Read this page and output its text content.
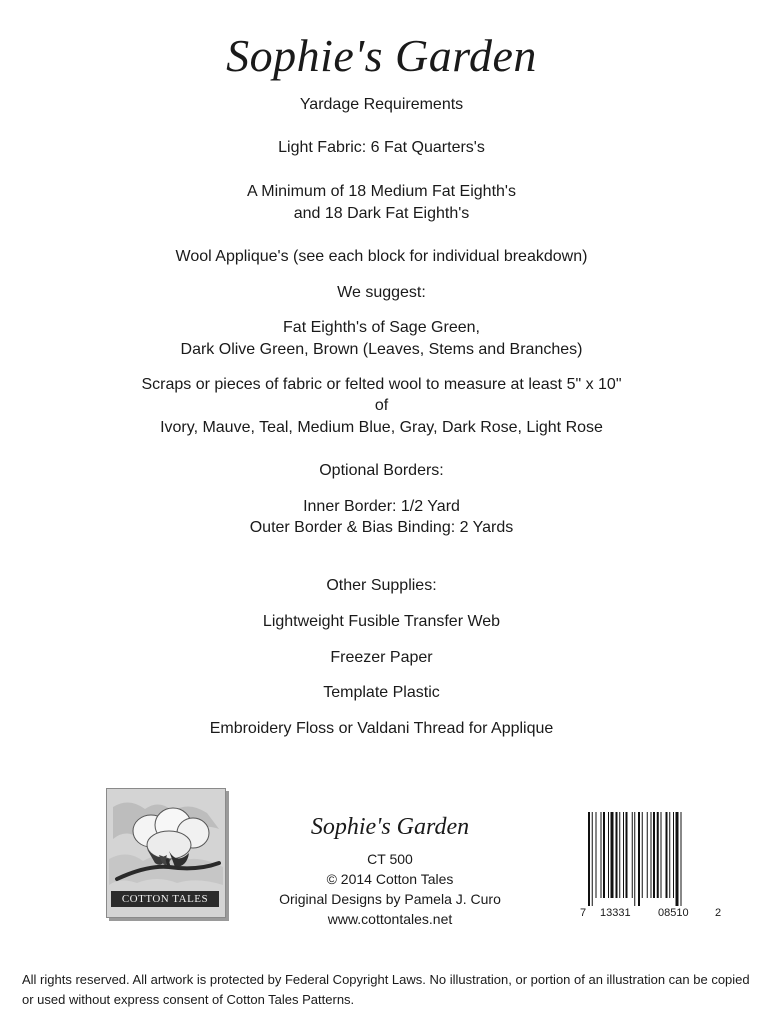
Sophie's Garden
Yardage Requirements
Light Fabric: 6 Fat Quarters's
A Minimum of 18 Medium Fat Eighth's
and 18 Dark Fat Eighth's
Wool Applique's (see each block for individual breakdown)
We suggest:
Fat Eighth's of Sage Green,
Dark Olive Green, Brown (Leaves, Stems and Branches)
Scraps or pieces of fabric or felted wool to measure at least 5" x 10"
of
Ivory, Mauve, Teal, Medium Blue, Gray, Dark Rose, Light Rose
Optional Borders:
Inner Border: 1/2 Yard
Outer Border & Bias Binding: 2 Yards
Other Supplies:
Lightweight Fusible Transfer Web
Freezer Paper
Template Plastic
Embroidery Floss or Valdani Thread for Applique
COTTON TALES
Sophie's Garden
CT 500
© 2014 Cotton Tales
Original Designs by Pamela J. Curo
www.cottontales.net	7 13331 08510 2
All rights reserved. All artwork is protected by Federal Copyright Laws. No illustration, or portion of an illustration can be copied or used without express consent of Cotton Tales Patterns.
